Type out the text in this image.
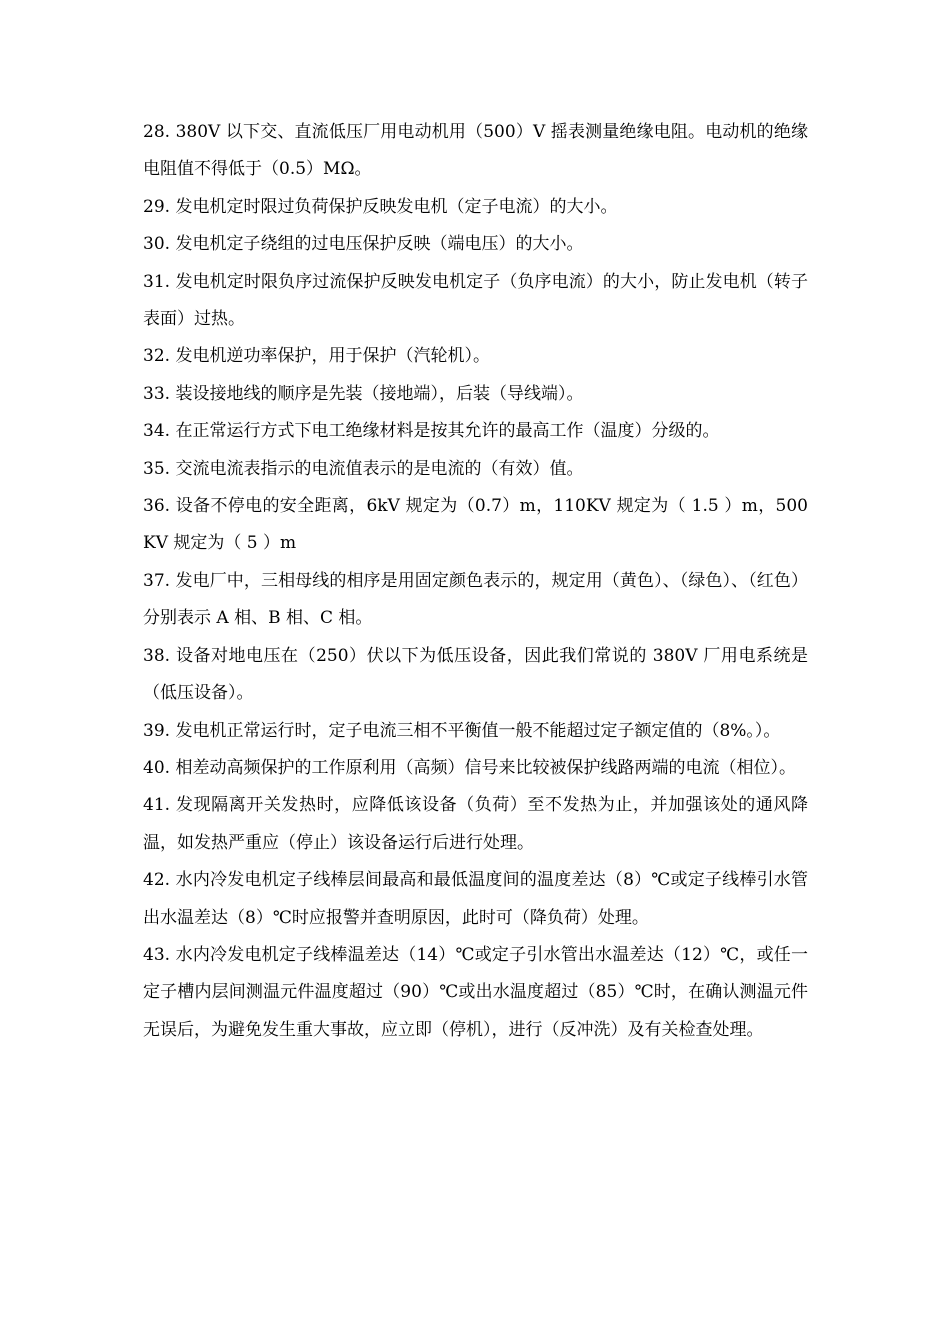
28. 380V 以下交、直流低压厂用电动机用（500）V 摇表测量绝缘电阻。电动机的绝缘电阻值不得低于（0.5）MΩ。

29. 发电机定时限过负荷保护反映发电机（定子电流）的大小。

30. 发电机定子绕组的过电压保护反映（端电压）的大小。

31. 发电机定时限负序过流保护反映发电机定子（负序电流）的大小，防止发电机（转子表面）过热。

32. 发电机逆功率保护，用于保护（汽轮机）。

33. 装设接地线的顺序是先装（接地端），后装（导线端）。

34. 在正常运行方式下电工绝缘材料是按其允许的最高工作（温度）分级的。

35. 交流电流表指示的电流值表示的是电流的（有效）值。

36. 设备不停电的安全距离，6kV 规定为（0.7）m，110KV 规定为（ 1.5 ）m，500KV 规定为（ 5 ）m

37. 发电厂中，三相母线的相序是用固定颜色表示的，规定用（黄色）、（绿色）、（红色）分别表示 A 相、B 相、C 相。

38. 设备对地电压在（250）伏以下为低压设备，因此我们常说的 380V 厂用电系统是（低压设备）。

39. 发电机正常运行时，定子电流三相不平衡值一般不能超过定子额定值的（8%。）。

40. 相差动高频保护的工作原利用（高频）信号来比较被保护线路两端的电流（相位）。

41. 发现隔离开关发热时，应降低该设备（负荷）至不发热为止，并加强该处的通风降温，如发热严重应（停止）该设备运行后进行处理。

42. 水内冷发电机定子线棒层间最高和最低温度间的温度差达（8）℃或定子线棒引水管出水温差达（8）℃时应报警并查明原因，此时可（降负荷）处理。

43. 水内冷发电机定子线棒温差达（14）℃或定子引水管出水温差达（12）℃，或任一定子槽内层间测温元件温度超过（90）℃或出水温度超过（85）℃时，在确认测温元件无误后，为避免发生重大事故，应立即（停机），进行（反冲洗）及有关检查处理。
